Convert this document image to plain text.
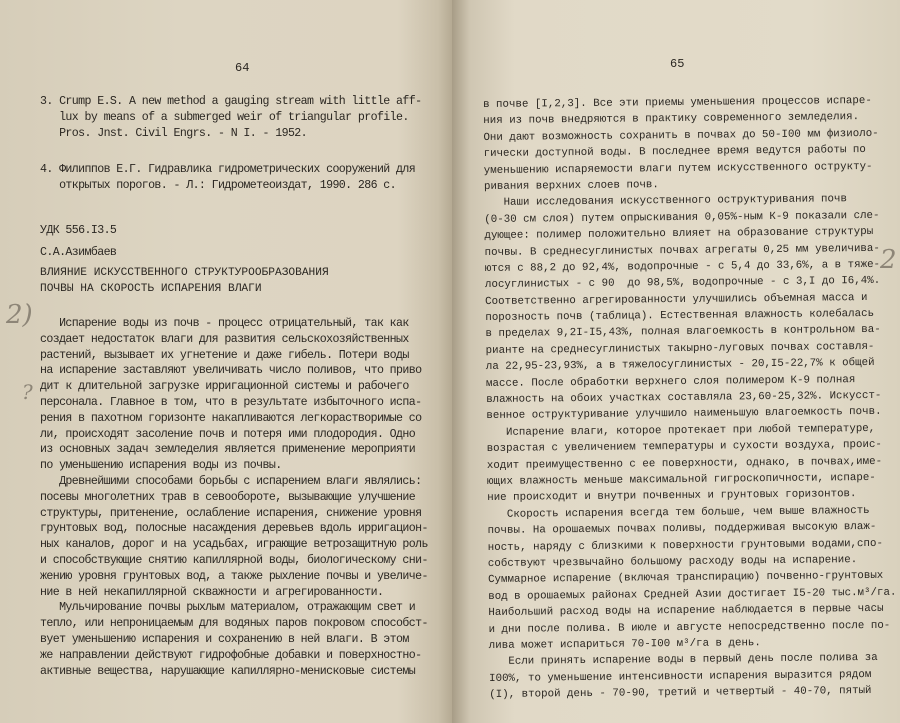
64
3. Crump E.S. A new method a gauging stream with little aff-
lux by means of a submerged weir of triangular profile.
Pros. Jnst. Civil Engrs. - N I. - 1952.
4. Филиппов Е.Г. Гидравлика гидрометрических сооружений для
открытых порогов. - Л.: Гидрометеоиздат, 1990. 286 с.
УДК 556.I3.5
С.А.Азимбаев
ВЛИЯНИЕ ИСКУССТВЕННОГО СТРУКТУРООБРАЗОВАНИЯ
ПОЧВЫ НА СКОРОСТЬ ИСПАРЕНИЯ ВЛАГИ
Испарение воды из почв - процесс отрицательный, так как
создает недостаток влаги для развития сельскохозяйственных
растений, вызывает их угнетение и даже гибель. Потери воды
на испарение заставляют увеличивать число поливов, что приво
дит к длительной загрузке ирригационной системы и рабочего
персонала. Главное в том, что в результате избыточного испа-
рения в пахотном горизонте накапливаются легкорастворимые со
ли, происходят засоление почв и потеря ими плодородия. Одно
из основных задач земледелия является применение мероприяти
по уменьшению испарения воды из почвы.
Древнейшими способами борьбы с испарением влаги являлись:
посевы многолетних трав в севообороте, вызывающие улучшение
структуры, притенение, ослабление испарения, снижение уровня
грунтовых вод, полосные насаждения деревьев вдоль ирригацион-
ных каналов, дорог и на усадьбах, играющие ветрозащитную роль
и способствующие снятию капиллярной воды, биологическому сни-
жению уровня грунтовых вод, а также рыхление почвы и увеличе-
ние в ней некапиллярной скважности и агрегированности.
Мульчирование почвы рыхлым материалом, отражающим свет и
тепло, или непроницаемым для водяных паров покровом способст-
вует уменьшению испарения и сохранению в ней влаги. В этом
же направлении действуют гидрофобные добавки и поверхностно-
активные вещества, нарушающие капиллярно-менисковые системы
2)
?
65
в почве [I,2,3]. Все эти приемы уменьшения процессов испаре-
ния из почв внедряются в практику современного земледелия.
Они дают возможность сохранить в почвах до 50-I00 мм физиоло-
гически доступной воды. В последнее время ведутся работы по
уменьшению испаряемости влаги путем искусственного острукту-
ривания верхних слоев почв.
Наши исследования искусственного оструктуривания почв
(0-30 см слоя) путем опрыскивания 0,05%-ным К-9 показали сле-
дующее: полимер положительно влияет на образование структуры
почвы. В среднесуглинистых почвах агрегаты 0,25 мм увеличива-
ются с 88,2 до 92,4%, водопрочные - с 5,4 до 33,6%, а в тяже-
лосуглинистых - с 90  до 98,5%, водопрочные - с 3,I до I6,4%.
Соответственно агрегированности улучшились объемная масса и
порозность почв (таблица). Естественная влажность колебалась
в пределах 9,2I-I5,43%, полная влагоемкость в контрольном ва-
рианте на среднесуглинистых такырно-луговых почвах составля-
ла 22,95-23,93%, а в тяжелосуглинистых - 20,I5-22,7% к общей
массе. После обработки верхнего слоя полимером К-9 полная
влажность на обоих участках составляла 23,60-25,32%. Искусст-
венное оструктуривание улучшило наименьшую влагоемкость почв.
Испарение влаги, которое протекает при любой температуре,
возрастая с увеличением температуры и сухости воздуха, проис-
ходит преимущественно с ее поверхности, однако, в почвах,име-
ющих влажность меньше максимальной гигроскопичности, испаре-
ние происходит и внутри почвенных и грунтовых горизонтов.
Скорость испарения всегда тем больше, чем выше влажность
почвы. На орошаемых почвах поливы, поддерживая высокую влаж-
ность, наряду с близкими к поверхности грунтовыми водами,спо-
собствуют чрезвычайно большому расходу воды на испарение.
Суммарное испарение (включая транспирацию) почвенно-грунтовых
вод в орошаемых районах Средней Азии достигает I5-20 тыс.м³/га.
Наибольший расход воды на испарение наблюдается в первые часы
и дни после полива. В июле и августе непосредственно после по-
лива может испариться 70-I00 м³/га в день.
Если принять испарение воды в первый день после полива за
I00%, то уменьшение интенсивности испарения выразится рядом
(I), второй день - 70-90, третий и четвертый - 40-70, пятый
2
